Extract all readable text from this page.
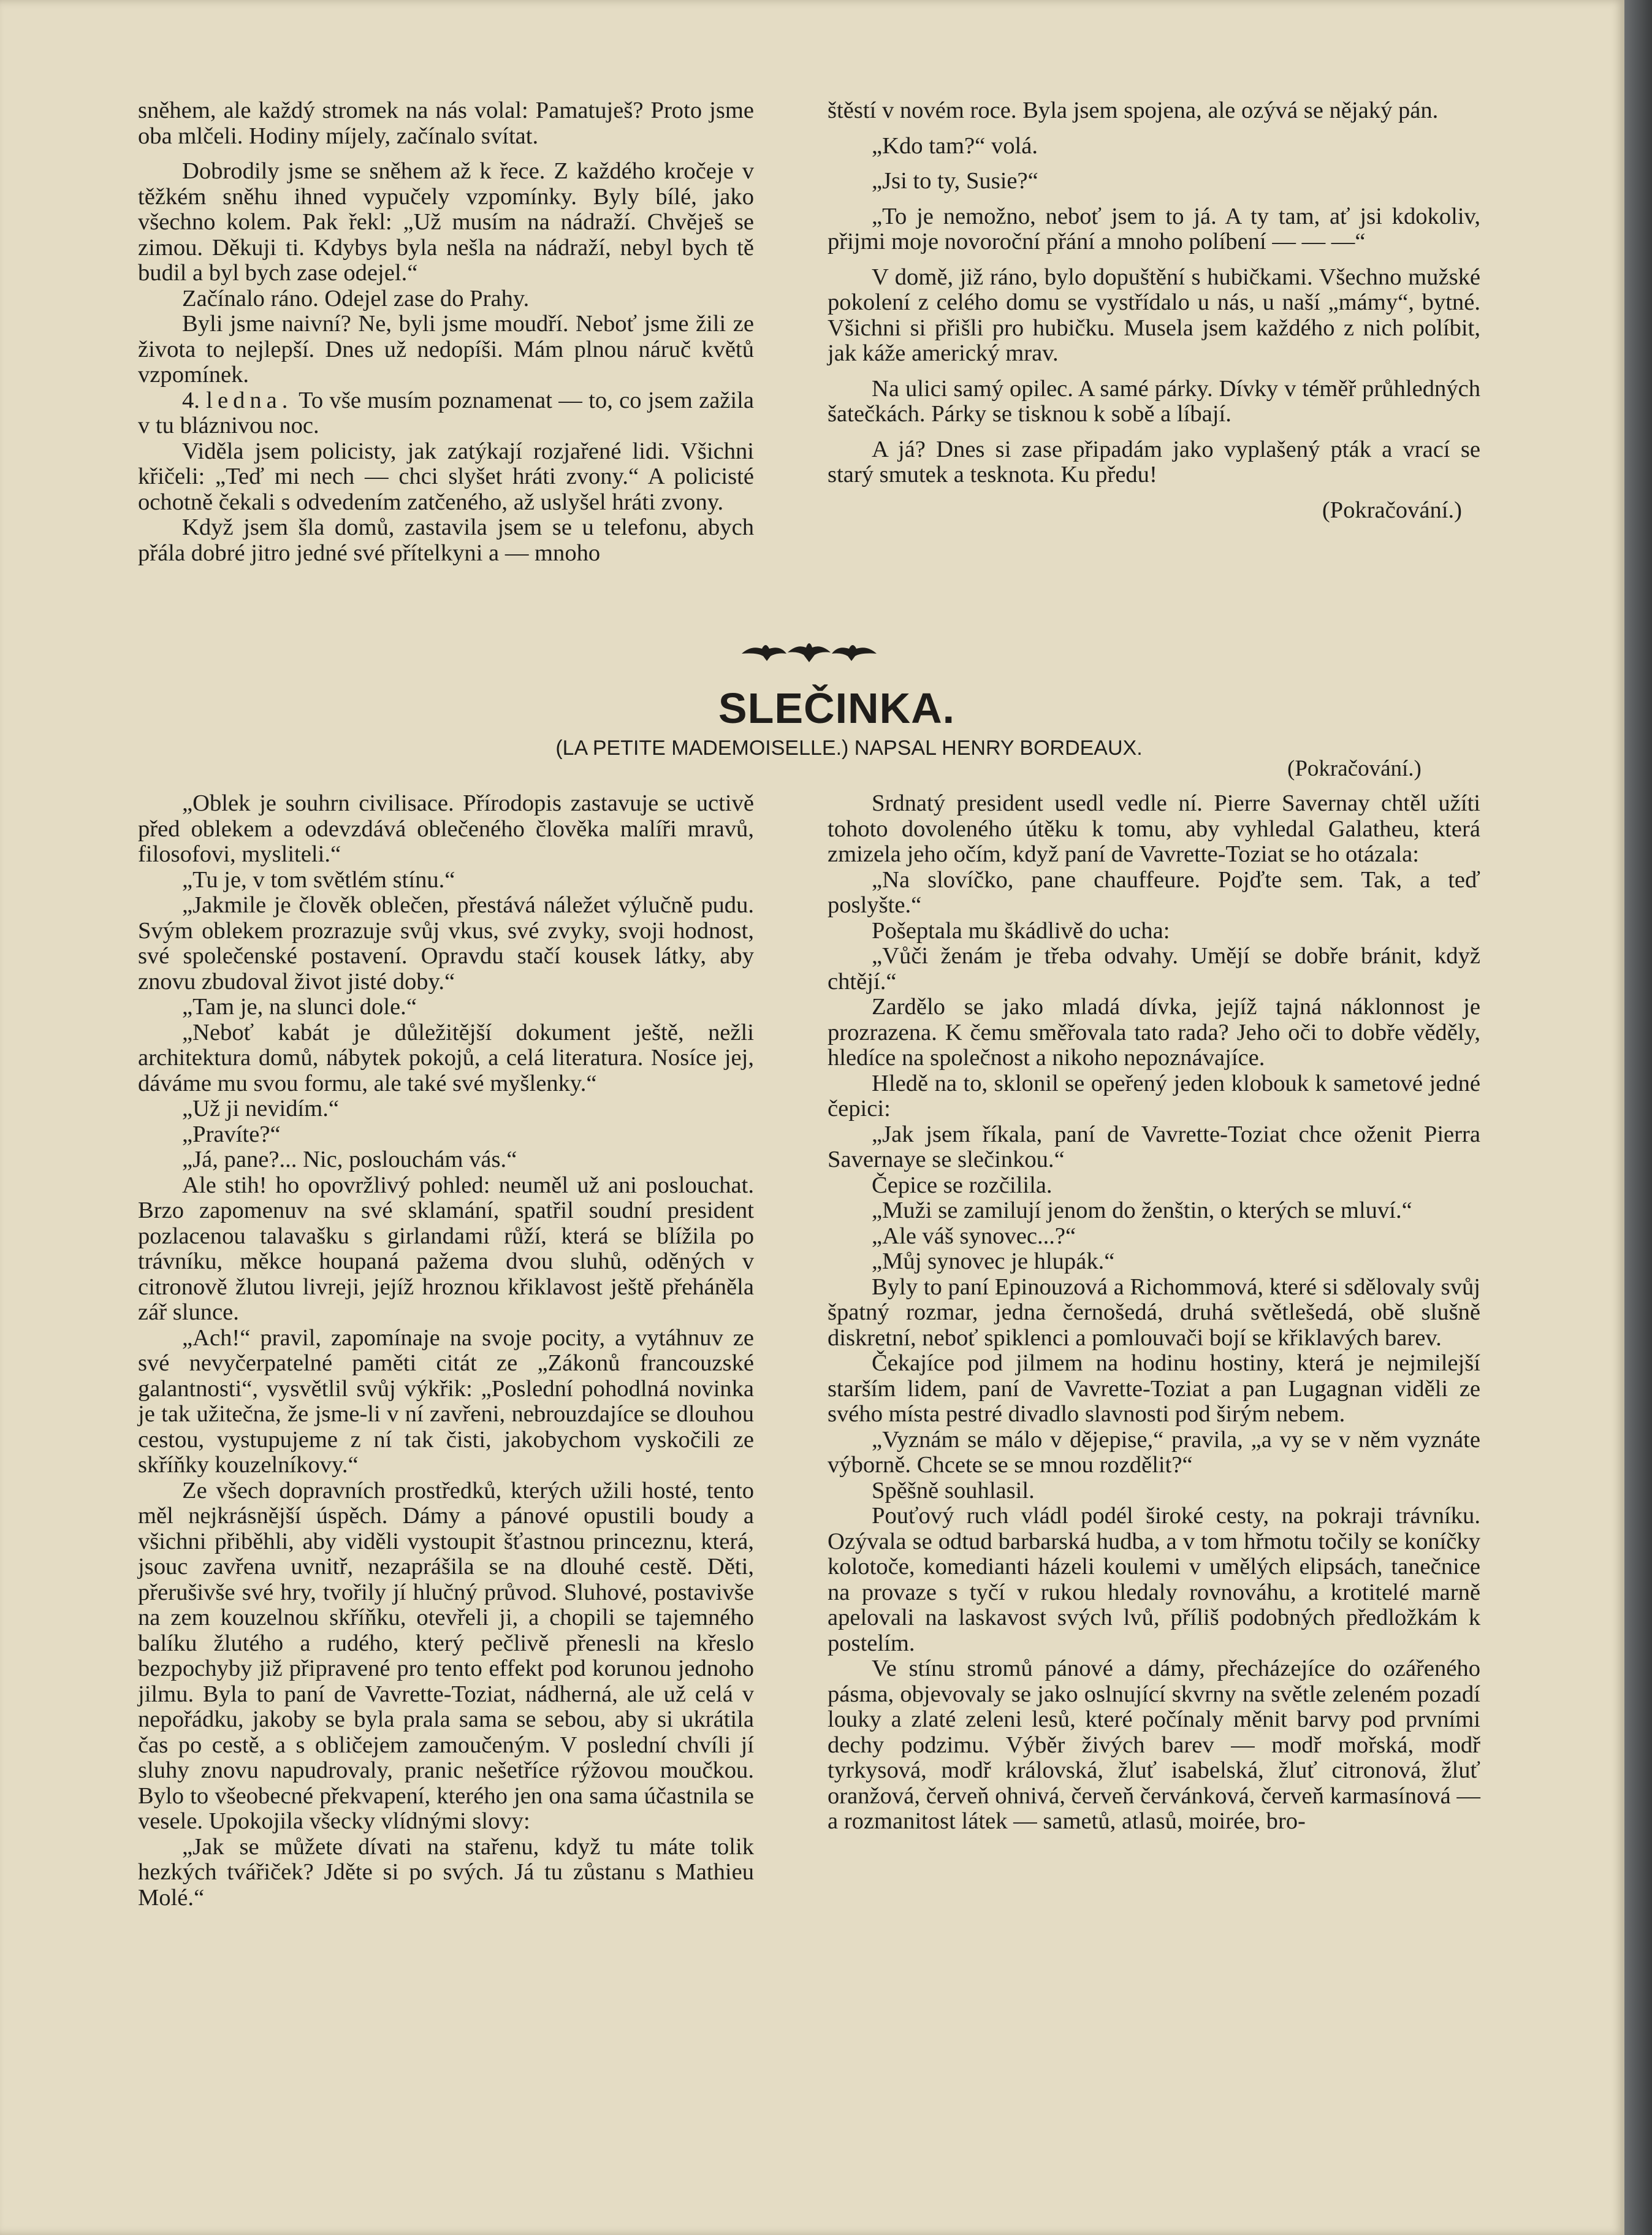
sněhem, ale každý stromek na nás volal: Pamatuješ? Proto jsme oba mlčeli. Hodiny míjely, začínalo svítat.

Dobrodily jsme se sněhem až k řece. Z každého kročeje v těžkém sněhu ihned vypučely vzpomínky. Byly bílé, jako všechno kolem. Pak řekl: „Už musím na nádraží. Chvěješ se zimou. Děkuji ti. Kdybys byla nešla na nádraží, nebyl bych tě budil a byl bych zase odejel.“

Začínalo ráno. Odejel zase do Prahy.

Byli jsme naivní? Ne, byli jsme moudří. Neboť jsme žili ze života to nejlepší. Dnes už nedopíši. Mám plnou náruč květů vzpomínek.

4. ledna. To vše musím poznamenat — to, co jsem zažila v tu bláznivou noc.

Viděla jsem policisty, jak zatýkají rozjařené lidi. Všichni křičeli: „Teď mi nech — chci slyšet hráti zvony.“ A policisté ochotně čekali s odvedením zatčeného, až uslyšel hráti zvony.

Když jsem šla domů, zastavila jsem se u telefonu, abych přála dobré jitro jedné své přítelkyni a — mnoho

štěstí v novém roce. Byla jsem spojena, ale ozývá se nějaký pán.

„Kdo tam?“ volá.

„Jsi to ty, Susie?“

„To je nemožno, neboť jsem to já. A ty tam, ať jsi kdokoliv, přijmi moje novoroční přání a mnoho políbení — — —“

V domě, již ráno, bylo dopuštění s hubičkami. Všechno mužské pokolení z celého domu se vystřídalo u nás, u naší „mámy“, bytné. Všichni si přišli pro hubičku. Musela jsem každého z nich políbit, jak káže americký mrav.

Na ulici samý opilec. A samé párky. Dívky v téměř průhledných šatečkách. Párky se tisknou k sobě a líbají.

A já? Dnes si zase připadám jako vyplašený pták a vrací se starý smutek a tesknota. Ku předu!

(Pokračování.)

SLEČINKA.
(LA PETITE MADEMOISELLE.) NAPSAL HENRY BORDEAUX.
(Pokračování.)

„Oblek je souhrn civilisace. Přírodopis zastavuje se uctivě před oblekem a odevzdává oblečeného člověka malíři mravů, filosofovi, mysliteli.“

„Tu je, v tom světlém stínu.“

„Jakmile je člověk oblečen, přestává náležet výlučně pudu. Svým oblekem prozrazuje svůj vkus, své zvyky, svoji hodnost, své společenské postavení. Opravdu stačí kousek látky, aby znovu zbudoval život jisté doby.“

„Tam je, na slunci dole.“

„Neboť kabát je důležitější dokument ještě, nežli architektura domů, nábytek pokojů, a celá literatura. Nosíce jej, dáváme mu svou formu, ale také své myšlenky.“

„Už ji nevidím.“

„Pravíte?“

„Já, pane?... Nic, poslouchám vás.“

Ale stih! ho opovržlivý pohled: neuměl už ani poslouchat. Brzo zapomenuv na své sklamání, spatřil soudní president pozlacenou talavašku s girlandami růží, která se blížila po trávníku, měkce houpaná pažema dvou sluhů, oděných v citronově žlutou livreji, jejíž hroznou křiklavost ještě přeháněla zář slunce.

„Ach!“ pravil, zapomínaje na svoje pocity, a vytáhnuv ze své nevyčerpatelné paměti citát ze „Zákonů francouzské galantnosti“, vysvětlil svůj výkřik: „Poslední pohodlná novinka je tak užitečna, že jsme-li v ní zavřeni, nebrouzdajíce se dlouhou cestou, vystupujeme z ní tak čisti, jakobychom vyskočili ze skříňky kouzelníkovy.“

Ze všech dopravních prostředků, kterých užili hosté, tento měl nejkrásnější úspěch. Dámy a pánové opustili boudy a všichni přiběhli, aby viděli vystoupit šťastnou princeznu, která, jsouc zavřena uvnitř, nezaprášila se na dlouhé cestě. Děti, přerušivše své hry, tvořily jí hlučný průvod. Sluhové, postavivše na zem kouzelnou skříňku, otevřeli ji, a chopili se tajemného balíku žlutého a rudého, který pečlivě přenesli na křeslo bezpochyby již připravené pro tento effekt pod korunou jednoho jilmu. Byla to paní de Vavrette-Toziat, nádherná, ale už celá v nepořádku, jakoby se byla prala sama se sebou, aby si ukrátila čas po cestě, a s obličejem zamoučeným. V poslední chvíli jí sluhy znovu napudrovaly, pranic nešetříce rýžovou moučkou. Bylo to všeobecné překvapení, kterého jen ona sama účastnila se vesele. Upokojila všecky vlídnými slovy:

„Jak se můžete dívati na stařenu, když tu máte tolik hezkých tvářiček? Jděte si po svých. Já tu zůstanu s Mathieu Molé.“

Srdnatý president usedl vedle ní. Pierre Savernay chtěl užíti tohoto dovoleného útěku k tomu, aby vyhledal Galatheu, která zmizela jeho očím, když paní de Vavrette-Toziat se ho otázala:

„Na slovíčko, pane chauffeure. Pojďte sem. Tak, a teď poslyšte.“

Pošeptala mu škádlivě do ucha:

„Vůči ženám je třeba odvahy. Umějí se dobře bránit, když chtějí.“

Zardělo se jako mladá dívka, jejíž tajná náklonnost je prozrazena. K čemu směřovala tato rada? Jeho oči to dobře věděly, hledíce na společnost a nikoho nepoznávajíce.

Hledě na to, sklonil se opeřený jeden klobouk k sametové jedné čepici:

„Jak jsem říkala, paní de Vavrette-Toziat chce oženit Pierra Savernaye se slečinkou.“

Čepice se rozčilila.

„Muži se zamilují jenom do ženštin, o kterých se mluví.“

„Ale váš synovec...?“

„Můj synovec je hlupák.“

Byly to paní Epinouzová a Richommová, které si sdělovaly svůj špatný rozmar, jedna černošedá, druhá světlešedá, obě slušně diskretní, neboť spiklenci a pomlouvači bojí se křiklavých barev.

Čekajíce pod jilmem na hodinu hostiny, která je nejmilejší starším lidem, paní de Vavrette-Toziat a pan Lugagnan viděli ze svého místa pestré divadlo slavnosti pod širým nebem.

„Vyznám se málo v dějepise,“ pravila, „a vy se v něm vyznáte výborně. Chcete se se mnou rozdělit?“

Spěšně souhlasil.

Pouťový ruch vládl podél široké cesty, na pokraji trávníku. Ozývala se odtud barbarská hudba, a v tom hřmotu točily se koníčky kolotoče, komedianti házeli koulemi v umělých elipsách, tanečnice na provaze s tyčí v rukou hledaly rovnováhu, a krotitelé marně apelovali na laskavost svých lvů, příliš podobných předložkám k postelím.

Ve stínu stromů pánové a dámy, přecházejíce do ozářeného pásma, objevovaly se jako oslnující skvrny na světle zeleném pozadí louky a zlaté zeleni lesů, které počínaly měnit barvy pod prvními dechy podzimu. Výběr živých barev — modř mořská, modř tyrkysová, modř královská, žluť isabelská, žluť citronová, žluť oranžová, červeň ohnivá, červeň červánková, červeň karmasínová — a rozmanitost látek — sametů, atlasů, moirée, bro-
